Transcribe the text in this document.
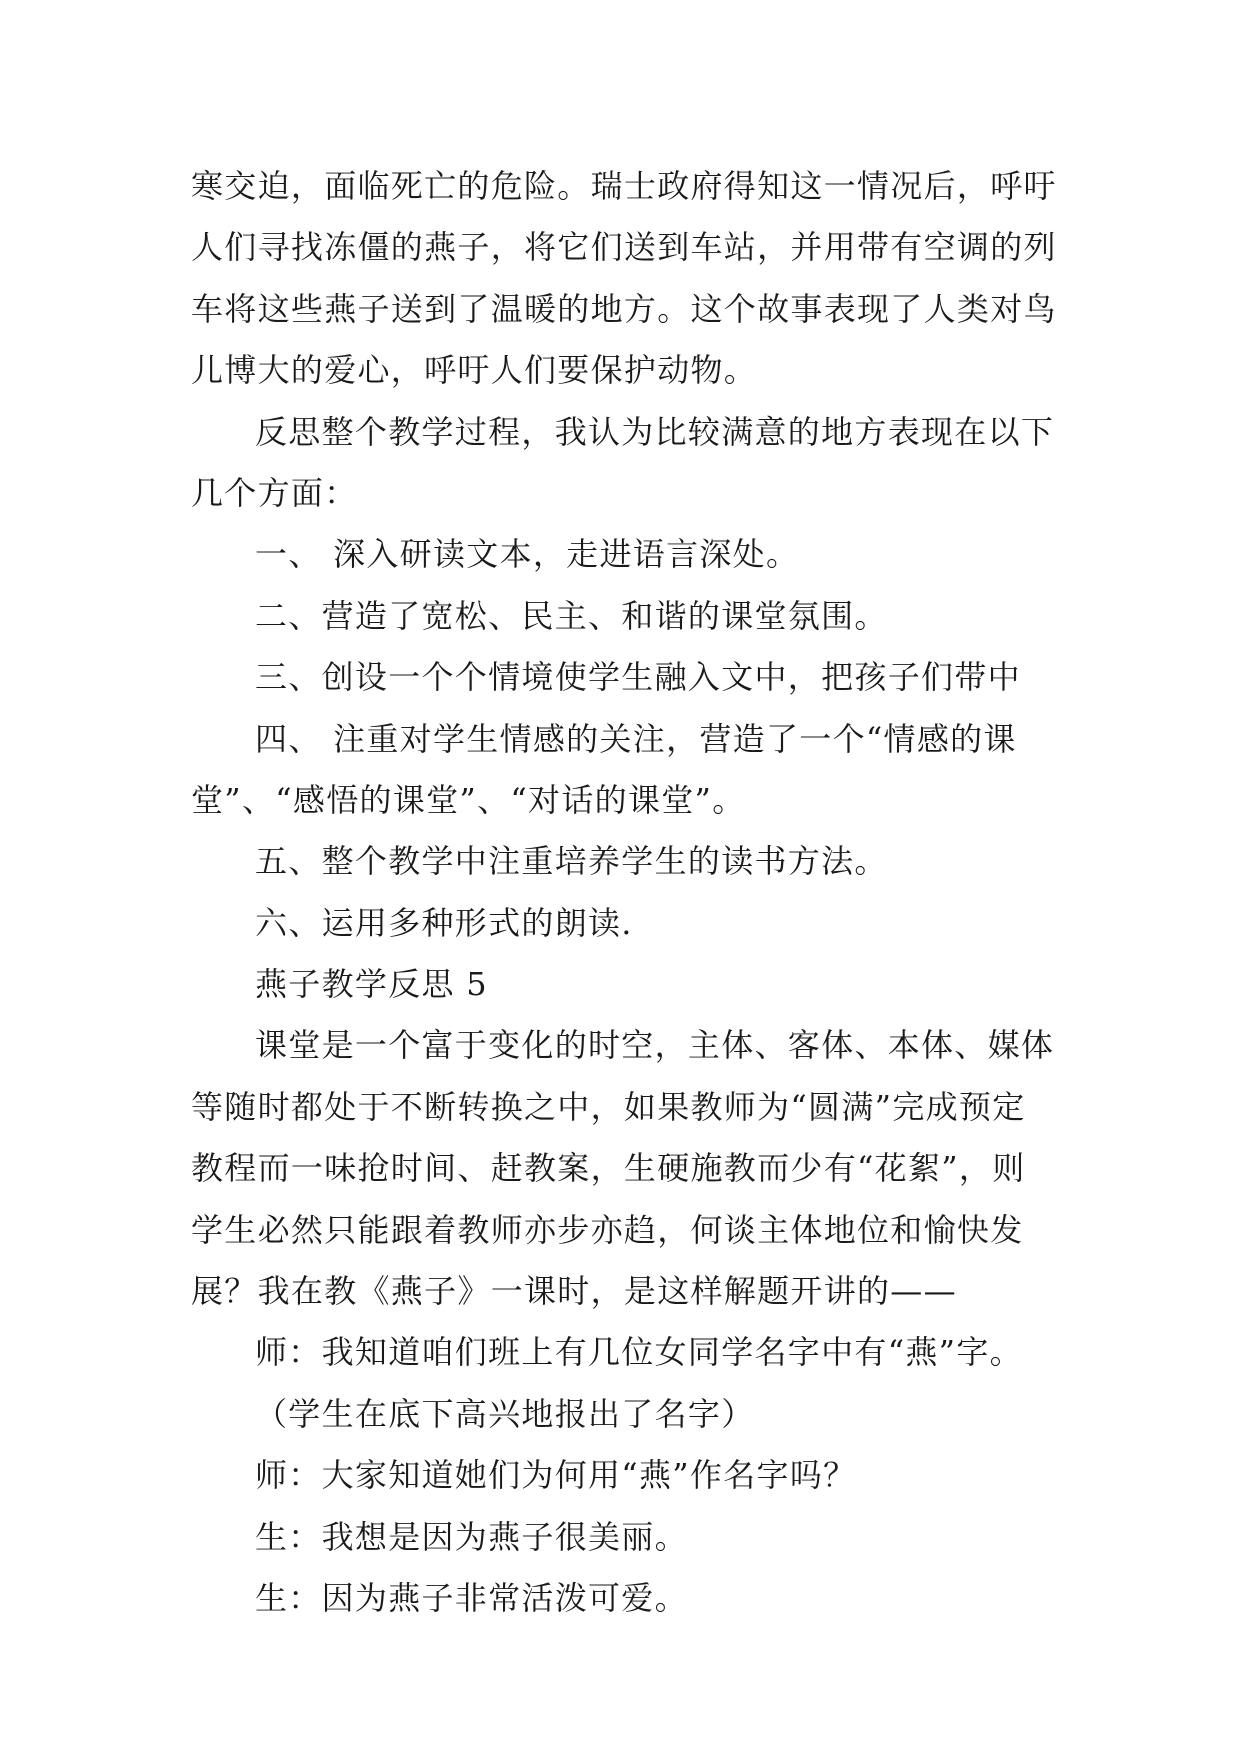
寒交迫，面临死亡的危险。瑞士政府得知这一情况后，呼吁
人们寻找冻僵的燕子，将它们送到车站，并用带有空调的列
车将这些燕子送到了温暖的地方。这个故事表现了人类对鸟
儿博大的爱心，呼吁人们要保护动物。
反思整个教学过程，我认为比较满意的地方表现在以下
几个方面：
一、 深入研读文本，走进语言深处。
二、营造了宽松、民主、和谐的课堂氛围。
三、创设一个个情境使学生融入文中，把孩子们带中
四、 注重对学生情感的关注，营造了一个“情感的课
堂”、“感悟的课堂”、“对话的课堂”。
五、整个教学中注重培养学生的读书方法。
六、运用多种形式的朗读.
燕子教学反思 5
课堂是一个富于变化的时空，主体、客体、本体、媒体
等随时都处于不断转换之中，如果教师为“圆满”完成预定
教程而一味抢时间、赶教案，生硬施教而少有“花絮”，则
学生必然只能跟着教师亦步亦趋，何谈主体地位和愉快发
展？我在教《燕子》一课时，是这样解题开讲的——
师：我知道咱们班上有几位女同学名字中有“燕”字。
（学生在底下高兴地报出了名字）
师：大家知道她们为何用“燕”作名字吗？
生：我想是因为燕子很美丽。
生：因为燕子非常活泼可爱。
